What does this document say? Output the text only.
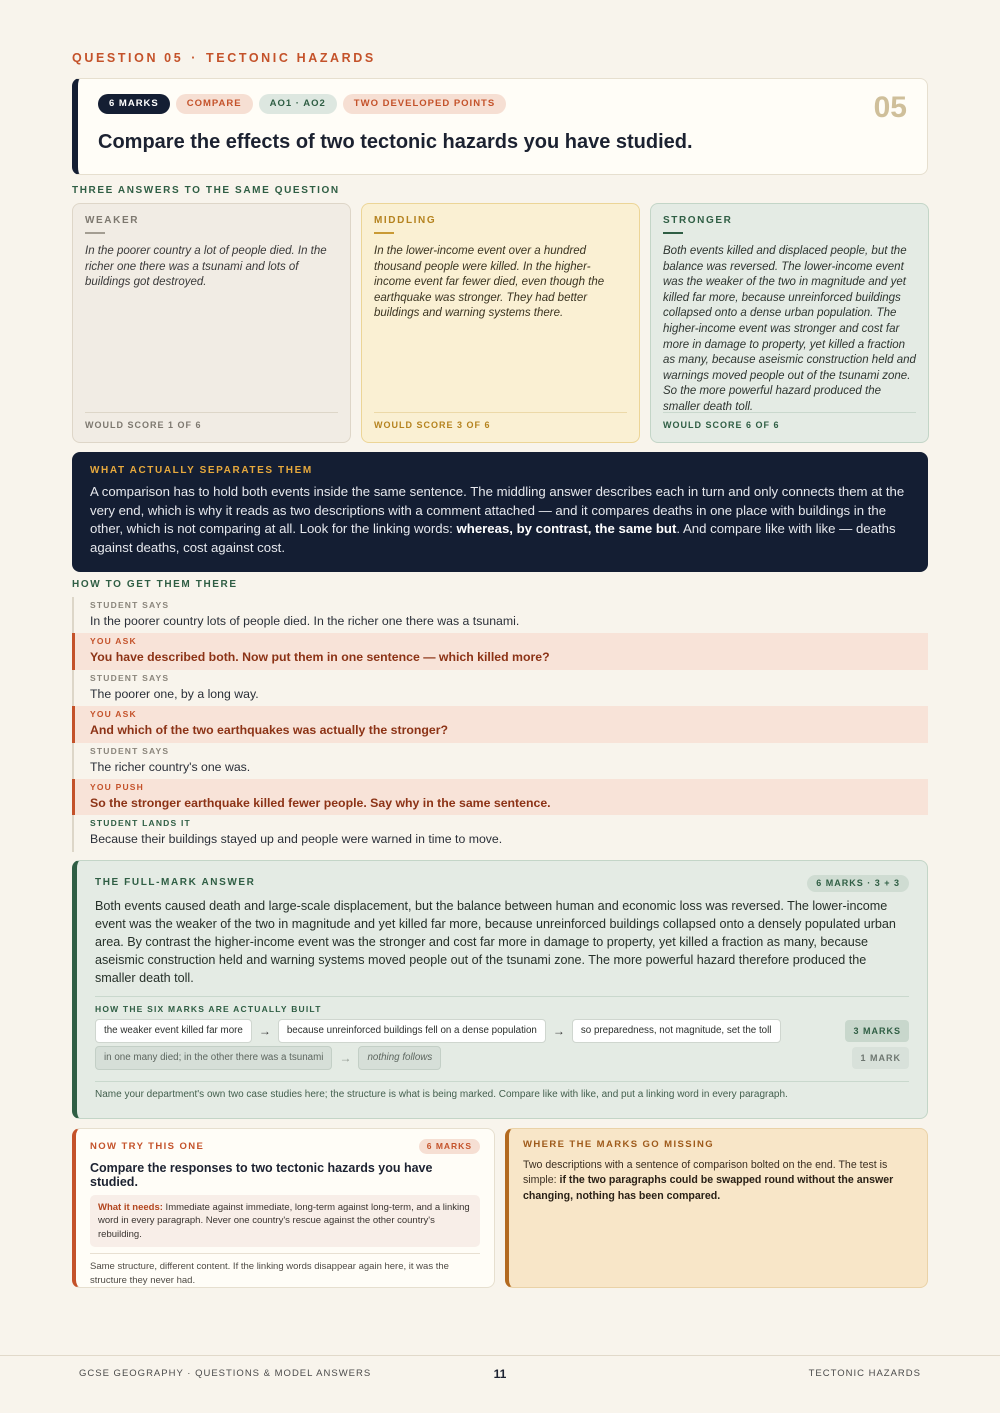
QUESTION 05 · TECTONIC HAZARDS
6 MARKS	COMPARE	AO1 · AO2	TWO DEVELOPED POINTS	05
Compare the effects of two tectonic hazards you have studied.
THREE ANSWERS TO THE SAME QUESTION
WEAKER
In the poorer country a lot of people died. In the richer one there was a tsunami and lots of buildings got destroyed.
WOULD SCORE 1 OF 6
MIDDLING
In the lower-income event over a hundred thousand people were killed. In the higher-income event far fewer died, even though the earthquake was stronger. They had better buildings and warning systems there.
WOULD SCORE 3 OF 6
STRONGER
Both events killed and displaced people, but the balance was reversed. The lower-income event was the weaker of the two in magnitude and yet killed far more, because unreinforced buildings collapsed onto a dense urban population. The higher-income event was stronger and cost far more in damage to property, yet killed a fraction as many, because aseismic construction held and warnings moved people out of the tsunami zone. So the more powerful hazard produced the smaller death toll.
WOULD SCORE 6 OF 6
WHAT ACTUALLY SEPARATES THEM
A comparison has to hold both events inside the same sentence. The middling answer describes each in turn and only connects them at the very end, which is why it reads as two descriptions with a comment attached — and it compares deaths in one place with buildings in the other, which is not comparing at all. Look for the linking words: whereas, by contrast, the same but. And compare like with like — deaths against deaths, cost against cost.
HOW TO GET THEM THERE
STUDENT SAYS
In the poorer country lots of people died. In the richer one there was a tsunami.
YOU ASK
You have described both. Now put them in one sentence — which killed more?
STUDENT SAYS
The poorer one, by a long way.
YOU ASK
And which of the two earthquakes was actually the stronger?
STUDENT SAYS
The richer country's one was.
YOU PUSH
So the stronger earthquake killed fewer people. Say why in the same sentence.
STUDENT LANDS IT
Because their buildings stayed up and people were warned in time to move.
THE FULL-MARK ANSWER	6 MARKS · 3 + 3
Both events caused death and large-scale displacement, but the balance between human and economic loss was reversed. The lower-income event was the weaker of the two in magnitude and yet killed far more, because unreinforced buildings collapsed onto a densely populated urban area. By contrast the higher-income event was the stronger and cost far more in damage to property, yet killed a fraction as many, because aseismic construction held and warning systems moved people out of the tsunami zone. The more powerful hazard therefore produced the smaller death toll.
HOW THE SIX MARKS ARE ACTUALLY BUILT
the weaker event killed far more	→	because unreinforced buildings fell on a dense population	→	so preparedness, not magnitude, set the toll	3 MARKS
in one many died; in the other there was a tsunami	→	nothing follows	1 MARK
Name your department's own two case studies here; the structure is what is being marked. Compare like with like, and put a linking word in every paragraph.
NOW TRY THIS ONE	6 MARKS
Compare the responses to two tectonic hazards you have studied.
What it needs: Immediate against immediate, long-term against long-term, and a linking word in every paragraph. Never one country's rescue against the other country's rebuilding.
Same structure, different content. If the linking words disappear again here, it was the structure they never had.
WHERE THE MARKS GO MISSING
Two descriptions with a sentence of comparison bolted on the end. The test is simple: if the two paragraphs could be swapped round without the answer changing, nothing has been compared.
GCSE GEOGRAPHY · QUESTIONS & MODEL ANSWERS	11	TECTONIC HAZARDS
